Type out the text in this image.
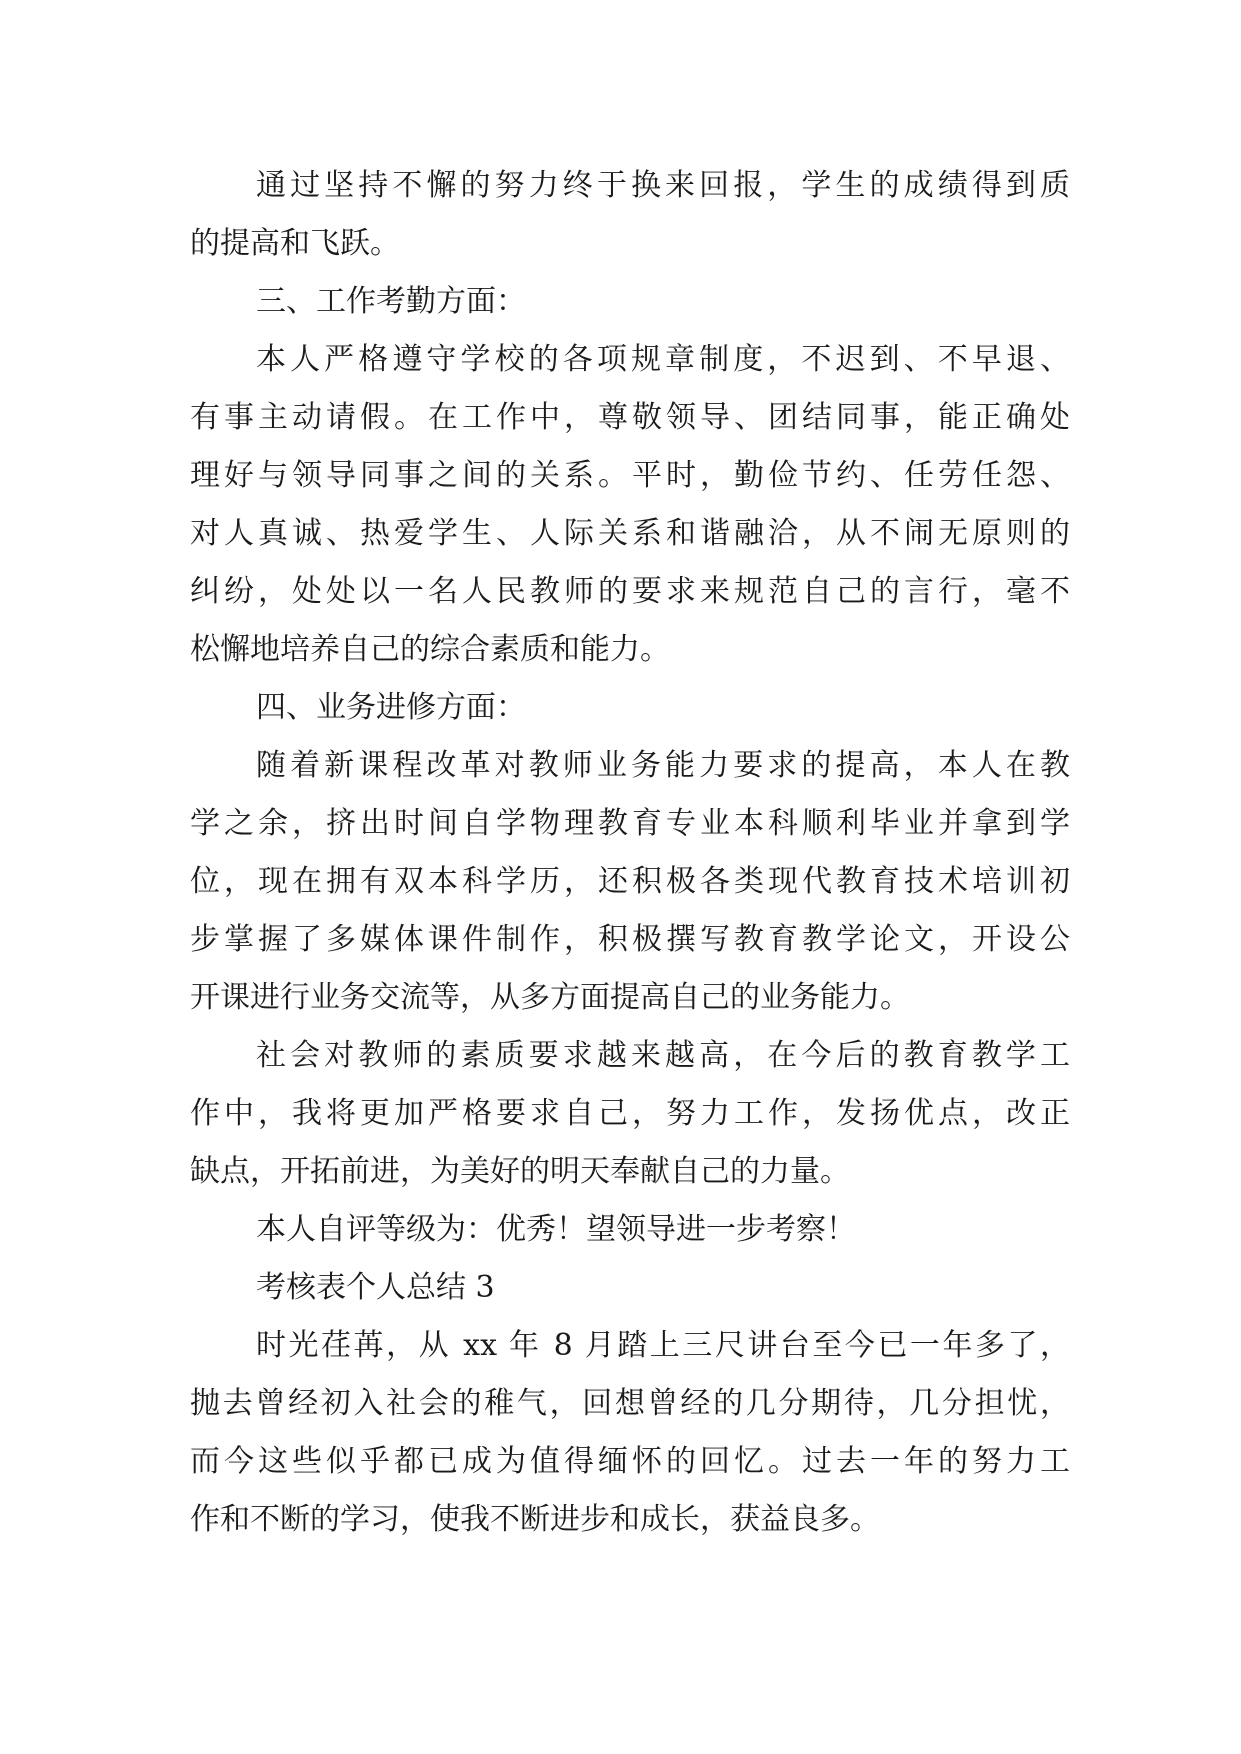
通过坚持不懈的努力终于换来回报，学生的成绩得到质
的提高和飞跃。
三、工作考勤方面：
本人严格遵守学校的各项规章制度，不迟到、不早退、
有事主动请假。在工作中，尊敬领导、团结同事，能正确处
理好与领导同事之间的关系。平时，勤俭节约、任劳任怨、
对人真诚、热爱学生、人际关系和谐融洽，从不闹无原则的
纠纷，处处以一名人民教师的要求来规范自己的言行，毫不
松懈地培养自己的综合素质和能力。
四、业务进修方面：
随着新课程改革对教师业务能力要求的提高，本人在教
学之余，挤出时间自学物理教育专业本科顺利毕业并拿到学
位，现在拥有双本科学历，还积极各类现代教育技术培训初
步掌握了多媒体课件制作，积极撰写教育教学论文，开设公
开课进行业务交流等，从多方面提高自己的业务能力。
社会对教师的素质要求越来越高，在今后的教育教学工
作中，我将更加严格要求自己，努力工作，发扬优点，改正
缺点，开拓前进，为美好的明天奉献自己的力量。
本人自评等级为：优秀！望领导进一步考察！
考核表个人总结 3
时光荏苒，从 xx 年 8 月踏上三尺讲台至今已一年多了，
抛去曾经初入社会的稚气，回想曾经的几分期待，几分担忧，
而今这些似乎都已成为值得缅怀的回忆。过去一年的努力工
作和不断的学习，使我不断进步和成长，获益良多。
